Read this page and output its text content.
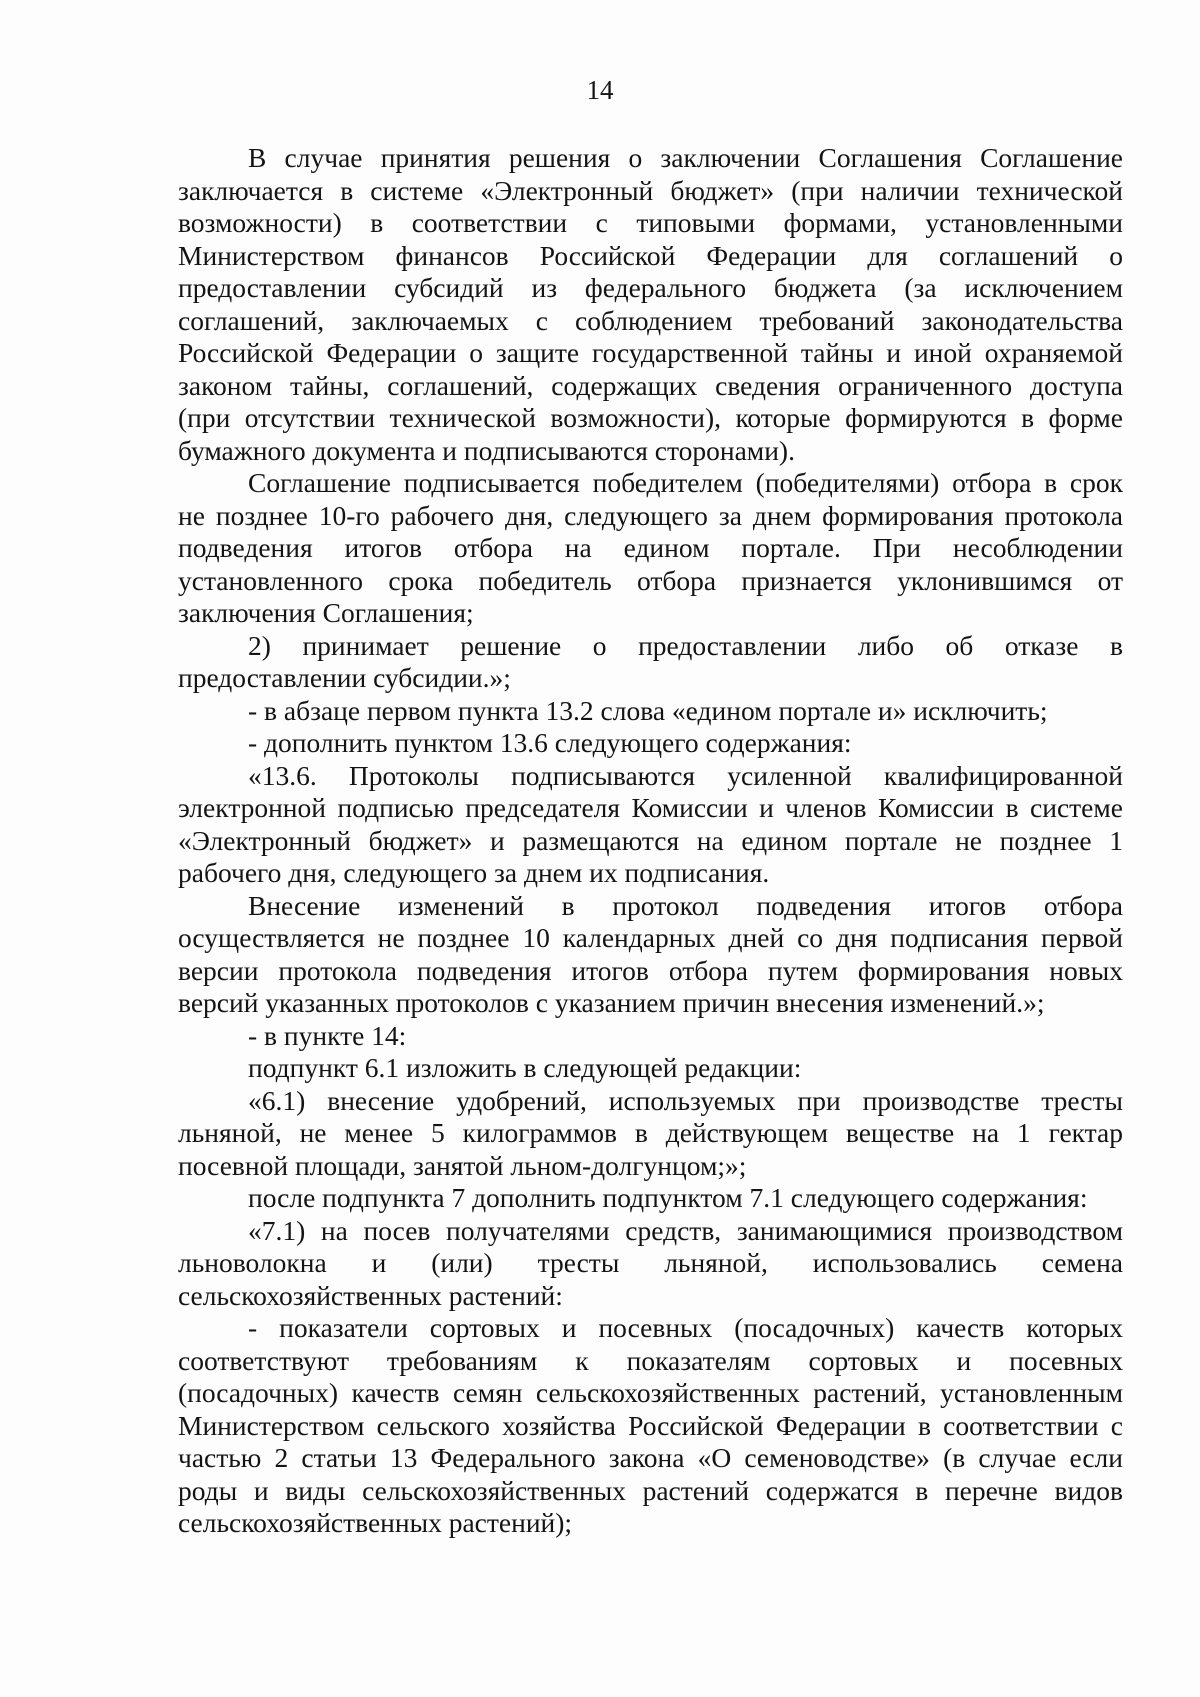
14
В случае принятия решения о заключении Соглашения Соглашение
заключается в системе «Электронный бюджет» (при наличии технической
возможности) в соответствии с типовыми формами, установленными
Министерством финансов Российской Федерации для соглашений о
предоставлении субсидий из федерального бюджета (за исключением
соглашений, заключаемых с соблюдением требований законодательства
Российской Федерации о защите государственной тайны и иной охраняемой
законом тайны, соглашений, содержащих сведения ограниченного доступа
(при отсутствии технической возможности), которые формируются в форме
бумажного документа и подписываются сторонами).
Соглашение подписывается победителем (победителями) отбора в срок
не позднее 10-го рабочего дня, следующего за днем формирования протокола
подведения итогов отбора на едином портале. При несоблюдении
установленного срока победитель отбора признается уклонившимся от
заключения Соглашения;
2) принимает решение о предоставлении либо об отказе в
предоставлении субсидии.»;
- в абзаце первом пункта 13.2 слова «едином портале и» исключить;
- дополнить пунктом 13.6 следующего содержания:
«13.6. Протоколы подписываются усиленной квалифицированной
электронной подписью председателя Комиссии и членов Комиссии в системе
«Электронный бюджет» и размещаются на едином портале не позднее 1
рабочего дня, следующего за днем их подписания.
Внесение изменений в протокол подведения итогов отбора
осуществляется не позднее 10 календарных дней со дня подписания первой
версии протокола подведения итогов отбора путем формирования новых
версий указанных протоколов с указанием причин внесения изменений.»;
- в пункте 14:
подпункт 6.1 изложить в следующей редакции:
«6.1) внесение удобрений, используемых при производстве тресты
льняной, не менее 5 килограммов в действующем веществе на 1 гектар
посевной площади, занятой льном-долгунцом;»;
после подпункта 7 дополнить подпунктом 7.1 следующего содержания:
«7.1) на посев получателями средств, занимающимися производством
льноволокна и (или) тресты льняной, использовались семена
сельскохозяйственных растений:
- показатели сортовых и посевных (посадочных) качеств которых
соответствуют требованиям к показателям сортовых и посевных
(посадочных) качеств семян сельскохозяйственных растений, установленным
Министерством сельского хозяйства Российской Федерации в соответствии с
частью 2 статьи 13 Федерального закона «О семеноводстве» (в случае если
роды и виды сельскохозяйственных растений содержатся в перечне видов
сельскохозяйственных растений);
